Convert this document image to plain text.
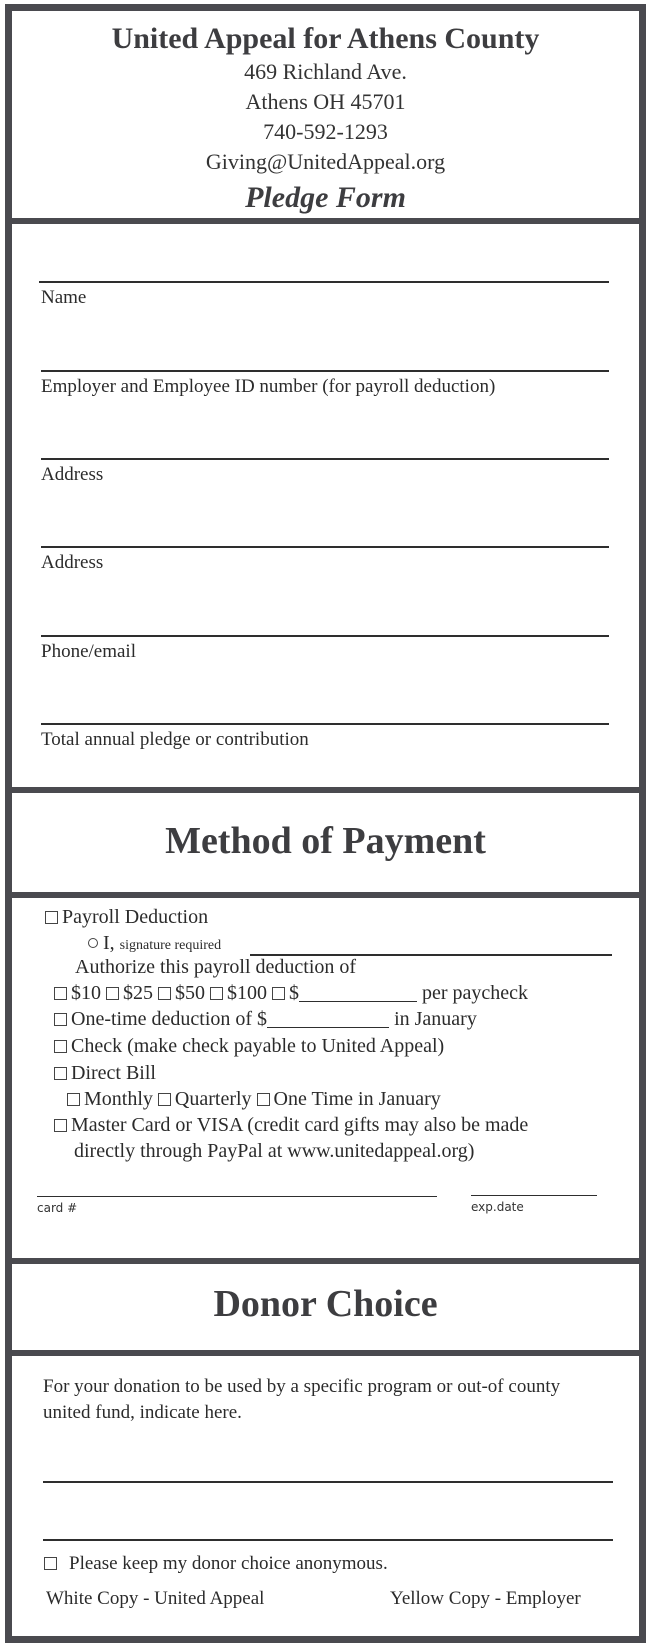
United Appeal for Athens County
469 Richland Ave.
Athens OH 45701
740-592-1293
Giving@UnitedAppeal.org
Pledge Form
Name
Employer and Employee ID number (for payroll deduction)
Address
Address
Phone/email
Total annual pledge or contribution
Method of Payment
Payroll Deduction
I, signature required
Authorize this payroll deduction of
$10 $25 $50 $100 $	per paycheck
One-time deduction of $	in January
Check (make check payable to United Appeal)
Direct Bill
Monthly Quarterly One Time in January
Master Card or VISA (credit card gifts may also be made
directly through PayPal at www.unitedappeal.org)
card #	exp.date
Donor Choice
For your donation to be used by a specific program or out-of county united fund, indicate here.
Please keep my donor choice anonymous.
White Copy - United Appeal	Yellow Copy - Employer
